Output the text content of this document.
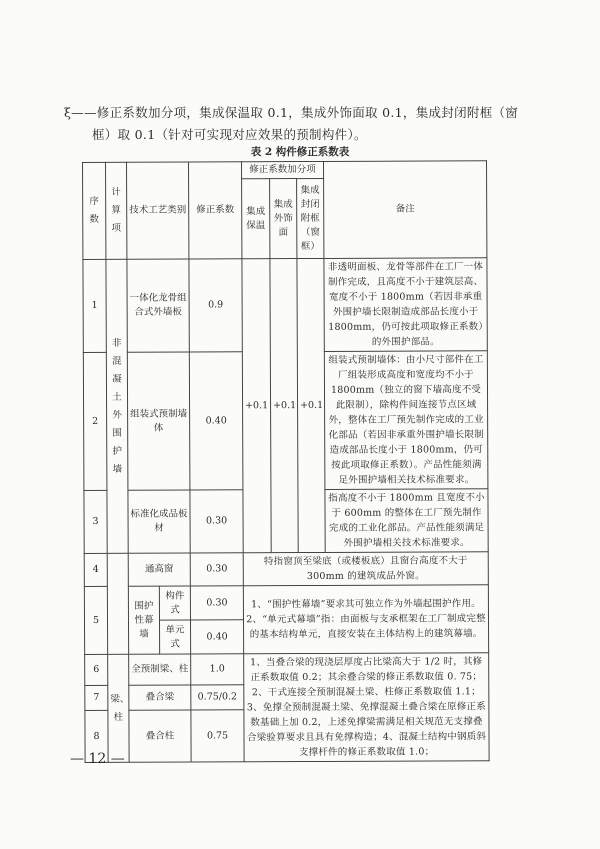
ξ——修正系数加分项，集成保温取 0.1，集成外饰面取 0.1，集成封闭附框（窗
框）取 0.1（针对可实现对应效果的预制构件）。
表 2 构件修正系数表
序数	计算项	技术工艺类别		修正系数	修正系数加分项			备注
					集成保温	集成外饰面	集成封闭附框（窗框）	
1	非混凝土外围护墙	一体化龙骨组合式外墙板		0.9	+0.1	+0.1	+0.1	非透明面板、龙骨等部件在工厂一体制作完成，且高度不小于建筑层高、宽度不小于 1800mm（若因非承重外围护墙长限制造成部品长度小于 1800mm，仍可按此项取修正系数）的外围护部品。
2		组装式预制墙体		0.40				组装式预制墙体：由小尺寸部件在工厂组装形成高度和宽度均不小于 1800mm（独立的窗下墙高度不受此限制），除构件间连接节点区域外，整体在工厂预先制作完成的工业化部品（若因非承重外围护墙长限制造成部品长度小于 1800mm，仍可按此项取修正系数）。产品性能须满足外围护墙相关技术标准要求。
3		标准化成品板材		0.30				指高度不小于 1800mm 且宽度不小于 600mm 的整体在工厂预先制作完成的工业化部品。产品性能须满足外围护墙相关技术标准要求。
4		通高窗		0.30	特指窗顶至梁底（或楼板底）且窗台高度不大于 300mm 的建筑成品外窗。			
5		围护性幕墙	构件式	0.30	1、“围护性幕墙”要求其可独立作为外墙起围护作用。2、“单元式幕墙”指：由面板与支承框架在工厂制成完整的基本结构单元，直接安装在主体结构上的建筑幕墙。			
			单元式	0.40				
6	梁、柱	全预制梁、柱		1.0	1、当叠合梁的现浇层厚度占比梁高大于 1/2 时，其修正系数取值 0.2；其余叠合梁的修正系数取值 0. 75；2、干式连接全预制混凝土梁、柱修正系数取值 1.1；3、免撑全预制混凝土梁、免撑混凝土叠合梁在原修正系数基础上加 0.2，上述免撑梁需满足相关规范无支撑叠合梁验算要求且具有免撑构造；4、混凝土结构中钢质斜支撑杆件的修正系数取值 1.0；			
7		叠合梁		0.75/0.2				
8		叠合柱		0.75				
— 12 —
